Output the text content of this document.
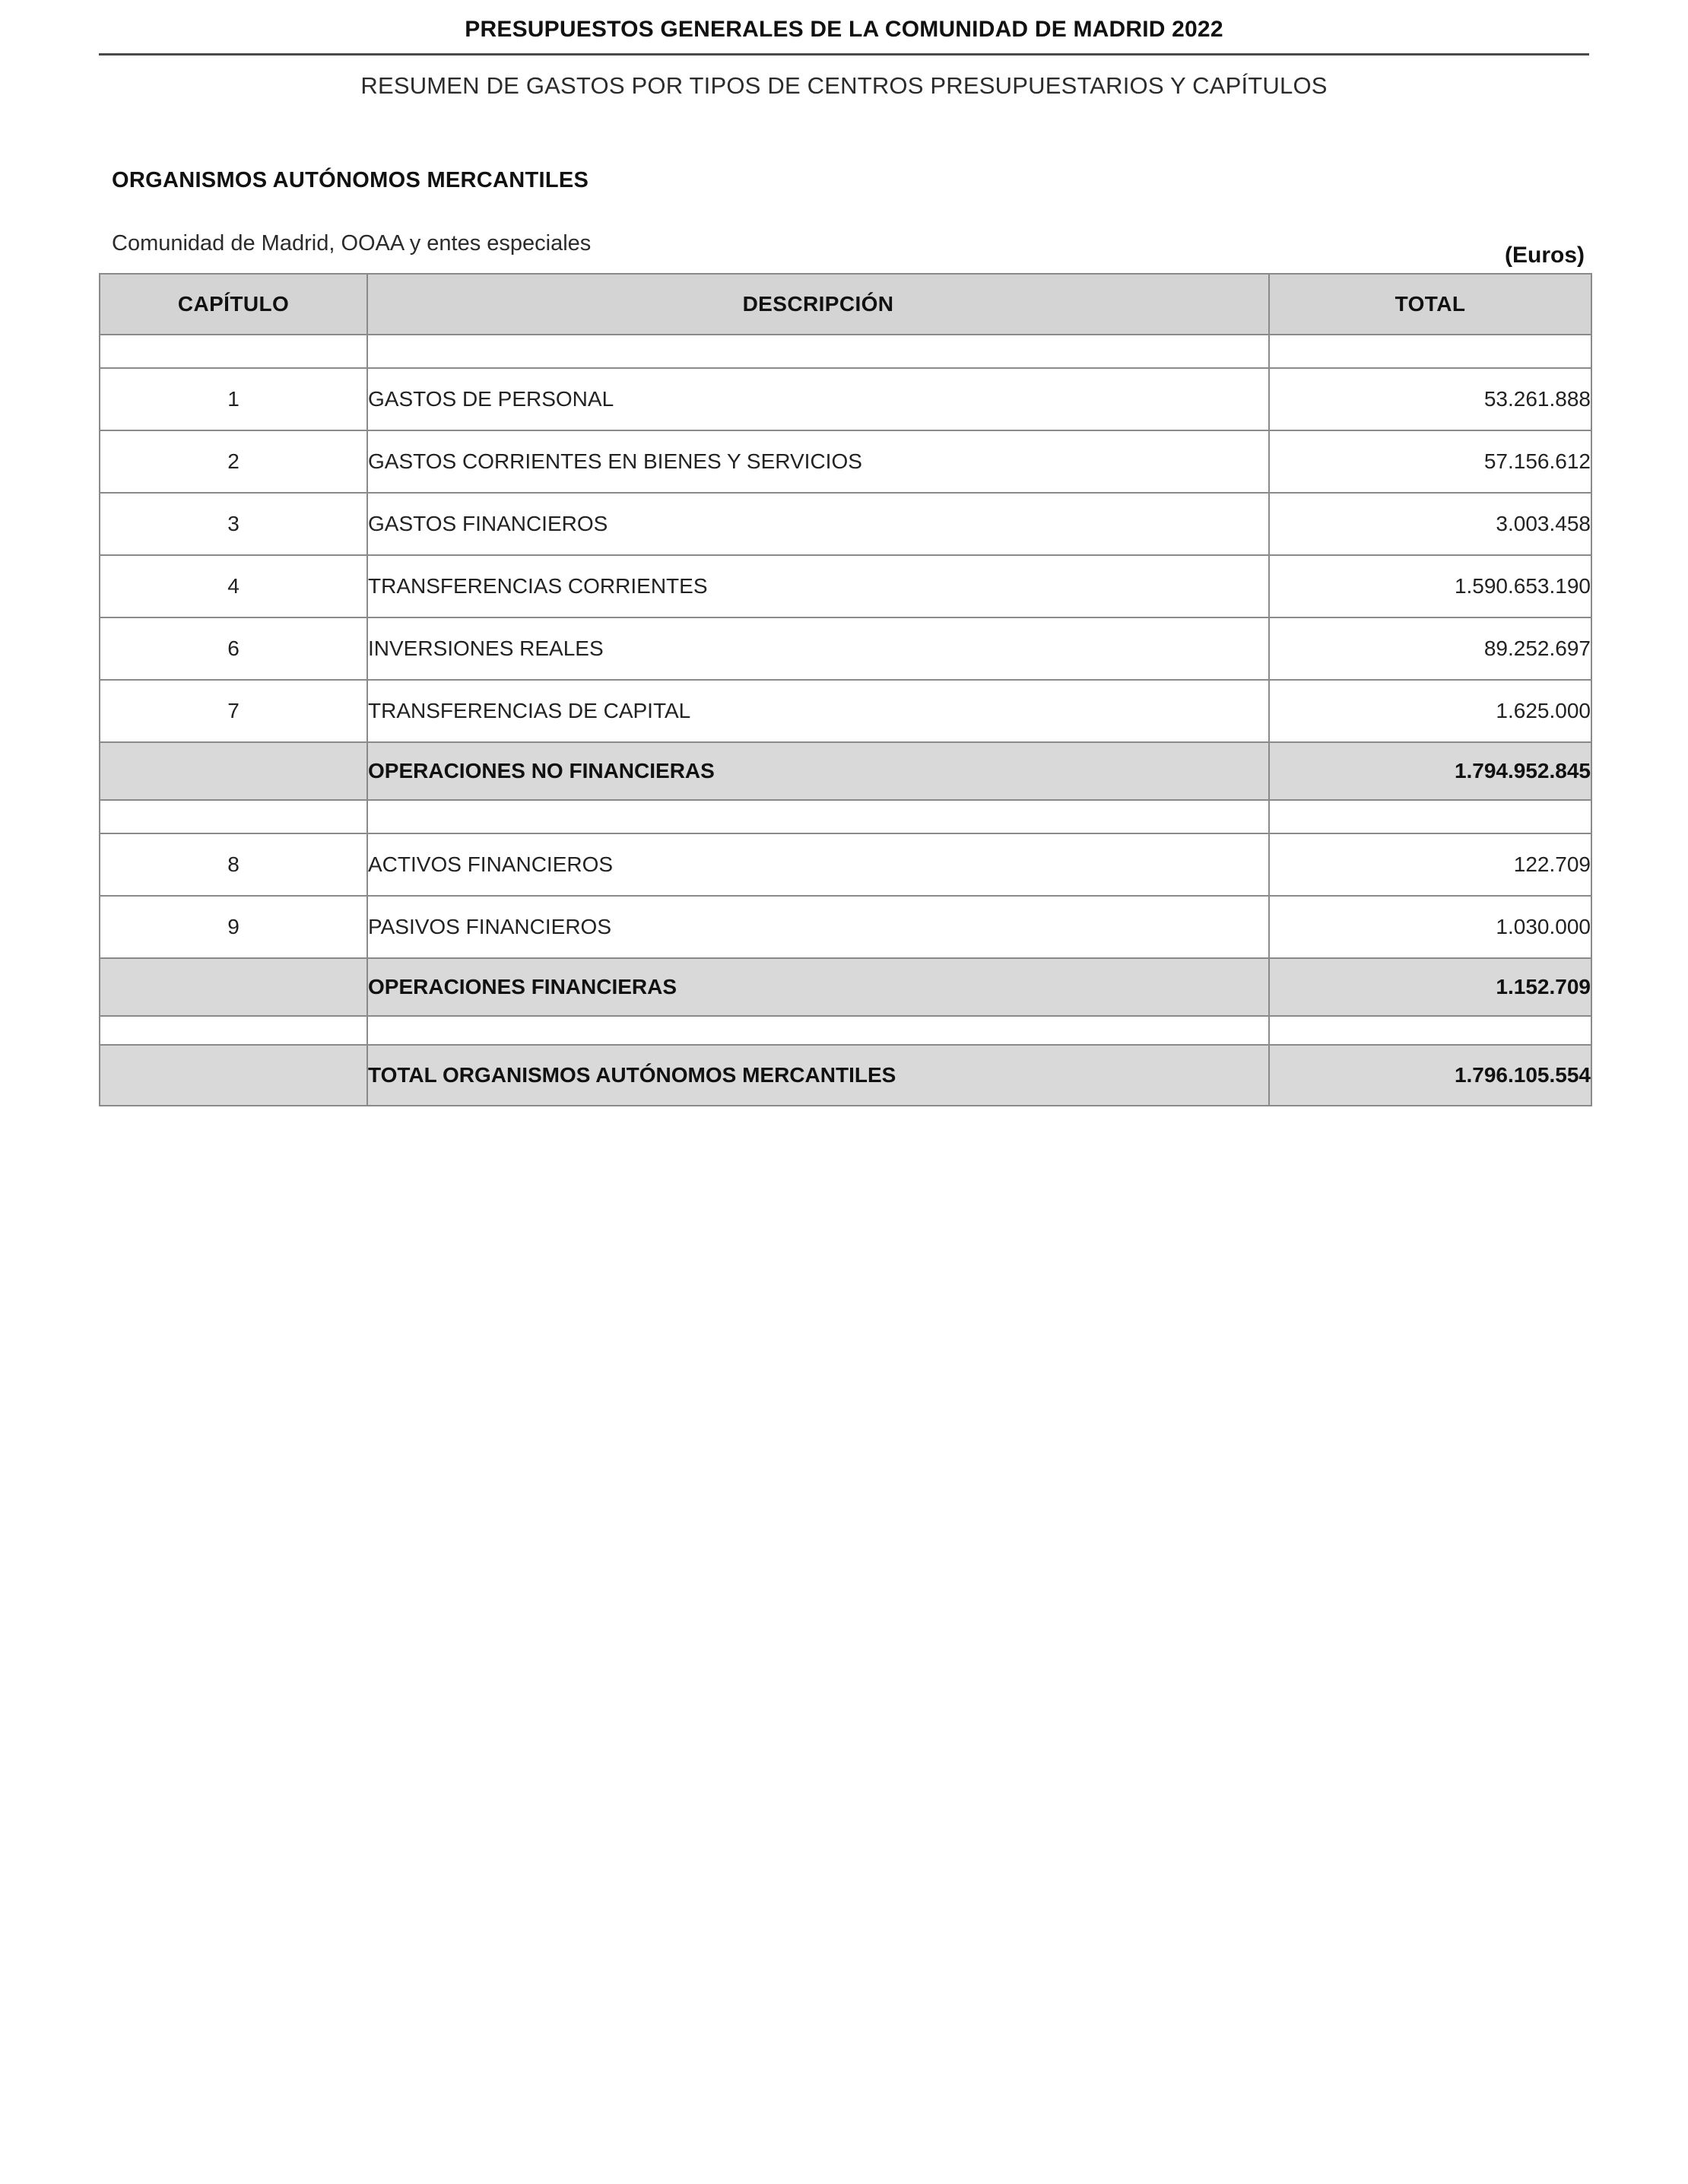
PRESUPUESTOS GENERALES DE LA COMUNIDAD DE MADRID 2022
RESUMEN DE GASTOS POR TIPOS DE CENTROS PRESUPUESTARIOS Y CAPÍTULOS
ORGANISMOS AUTÓNOMOS MERCANTILES
Comunidad de Madrid, OOAA y entes especiales	(Euros)
CAPÍTULO	DESCRIPCIÓN	TOTAL

1	GASTOS DE PERSONAL	53.261.888
2	GASTOS CORRIENTES EN BIENES Y SERVICIOS	57.156.612
3	GASTOS FINANCIEROS	3.003.458
4	TRANSFERENCIAS CORRIENTES	1.590.653.190
6	INVERSIONES REALES	89.252.697
7	TRANSFERENCIAS DE CAPITAL	1.625.000
	OPERACIONES NO FINANCIERAS	1.794.952.845

8	ACTIVOS FINANCIEROS	122.709
9	PASIVOS FINANCIEROS	1.030.000
	OPERACIONES FINANCIERAS	1.152.709

	TOTAL ORGANISMOS AUTÓNOMOS MERCANTILES	1.796.105.554
